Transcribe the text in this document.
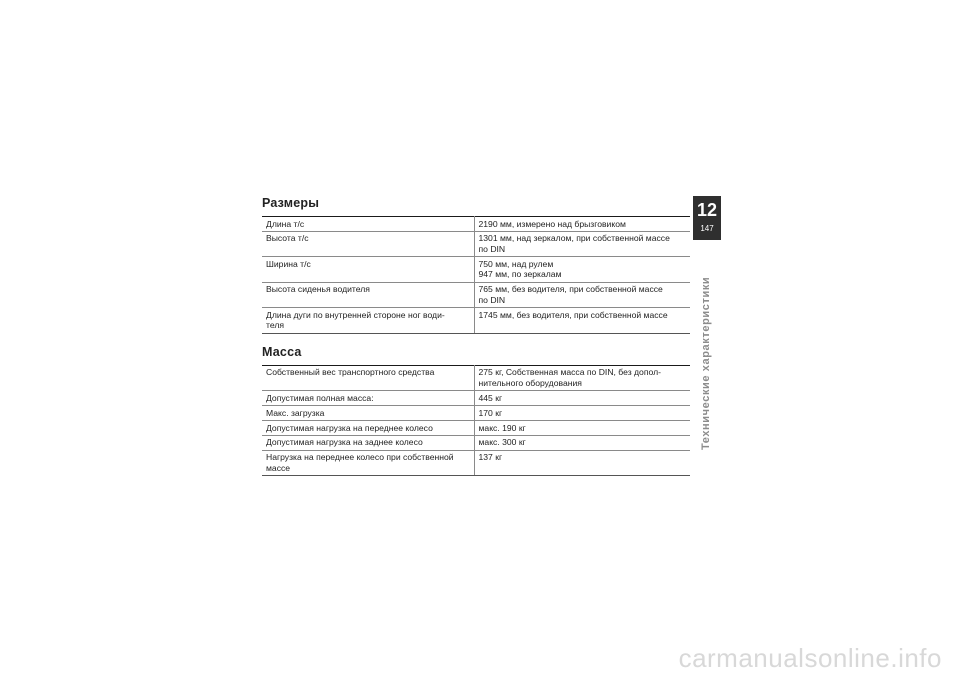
Размеры
Длина т/с	2190 мм, измерено над брызговиком

Высота т/с	1301 мм, над зеркалом, при собственной массе
по DIN

Ширина т/с	750 мм, над рулем
947 мм, по зеркалам

Высота сиденья водителя	765 мм, без водителя, при собственной массе
по DIN

Длина дуги по внутренней стороне ног води-
теля	1745 мм, без водителя, при собственной массе
Масса
Собственный вес транспортного средства	275 кг, Собственная масса по DIN, без допол-
нительного оборудования

Допустимая полная масса:	445 кг

Макс. загрузка	170 кг

Допустимая нагрузка на переднее колесо	макс. 190 кг

Допустимая нагрузка на заднее колесо	макс. 300 кг

Нагрузка на переднее колесо при собственной
массе	137 кг
12
147
Технические характеристики
carmanualsonline.info
